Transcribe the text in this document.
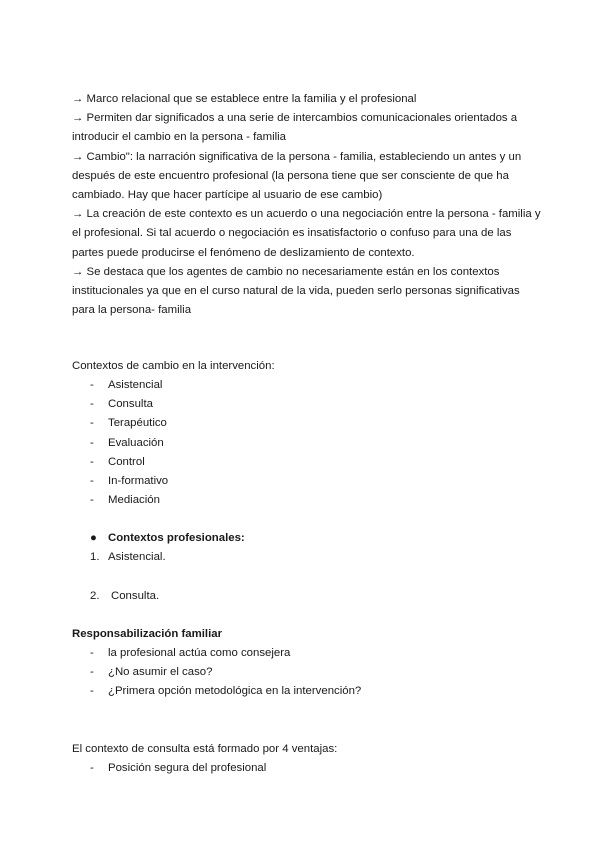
→ Marco relacional que se establece entre la familia y el profesional

→ Permiten dar significados a una serie de intercambios comunicacionales orientados a introducir el cambio en la persona - familia

→ Cambio": la narración significativa de la persona - familia, estableciendo un antes y un después de este encuentro profesional (la persona tiene que ser consciente de que ha cambiado. Hay que hacer partícipe al usuario de ese cambio)

→ La creación de este contexto es un acuerdo o una negociación entre la persona - familia y el profesional. Si tal acuerdo o negociación es insatisfactorio o confuso para una de las partes puede producirse el fenómeno de deslizamiento de contexto.

→ Se destaca que los agentes de cambio no necesariamente están en los contextos institucionales ya que en el curso natural de la vida, pueden serlo personas significativas para la persona- familia

Contextos de cambio en la intervención:
-	Asistencial
-	Consulta
-	Terapéutico
-	Evaluación
-	Control
-	In-formativo
-	Mediación
● Contextos profesionales:
1. Asistencial.
2. Consulta.
Responsabilización familiar
-	la profesional actúa como consejera
-	¿No asumir el caso?
-	¿Primera opción metodológica en la intervención?
El contexto de consulta está formado por 4 ventajas:
-	Posición segura del profesional
